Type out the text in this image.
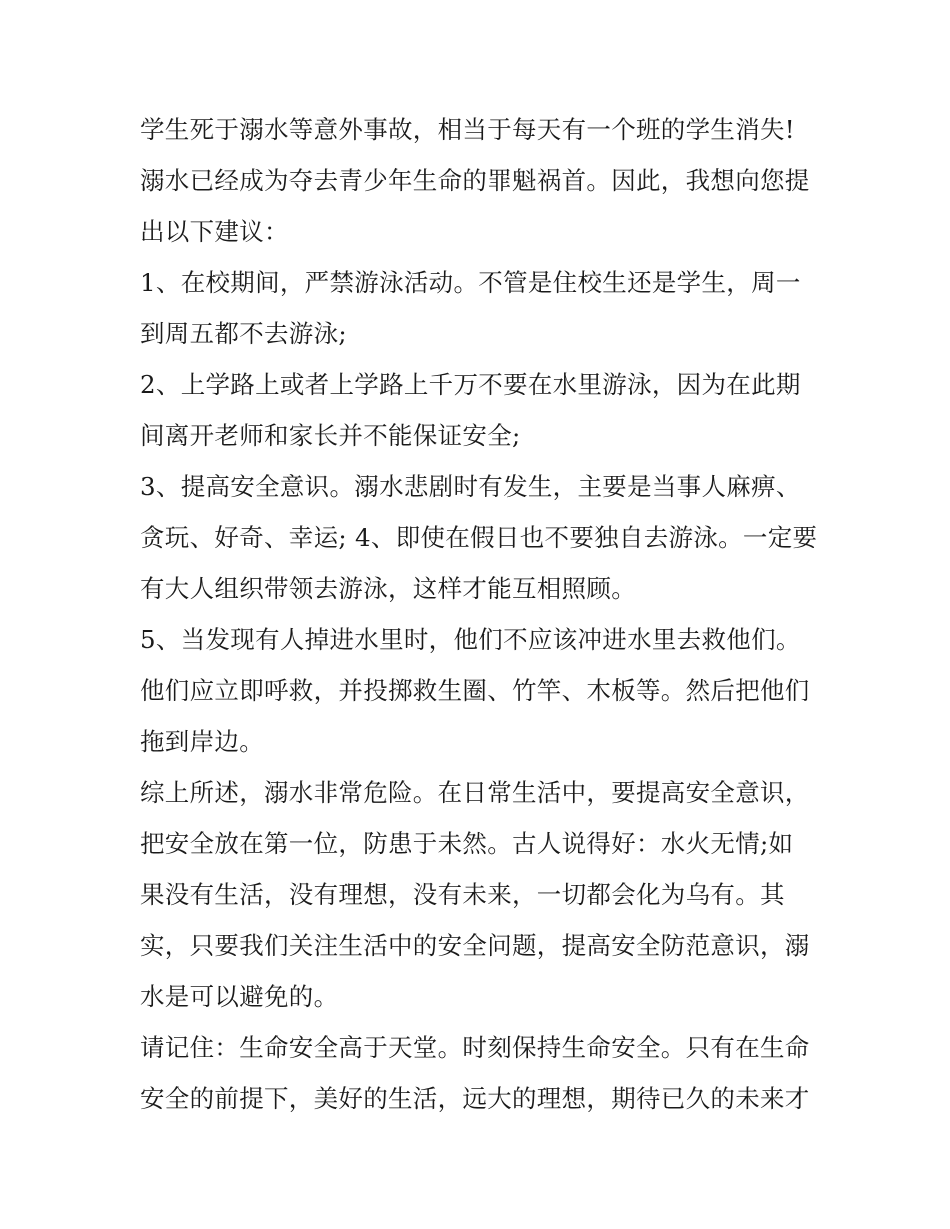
学生死于溺水等意外事故，相当于每天有一个班的学生消失!
溺水已经成为夺去青少年生命的罪魁祸首。因此，我想向您提
出以下建议：
1、在校期间，严禁游泳活动。不管是住校生还是学生，周一
到周五都不去游泳;
2、上学路上或者上学路上千万不要在水里游泳，因为在此期
间离开老师和家长并不能保证安全;
3、提高安全意识。溺水悲剧时有发生，主要是当事人麻痹、
贪玩、好奇、幸运; 4、即使在假日也不要独自去游泳。一定要
有大人组织带领去游泳，这样才能互相照顾。
5、当发现有人掉进水里时，他们不应该冲进水里去救他们。
他们应立即呼救，并投掷救生圈、竹竿、木板等。然后把他们
拖到岸边。
综上所述，溺水非常危险。在日常生活中，要提高安全意识，
把安全放在第一位，防患于未然。古人说得好：水火无情;如
果没有生活，没有理想，没有未来，一切都会化为乌有。其
实，只要我们关注生活中的安全问题，提高安全防范意识，溺
水是可以避免的。
请记住：生命安全高于天堂。时刻保持生命安全。只有在生命
安全的前提下，美好的生活，远大的理想，期待已久的未来才
